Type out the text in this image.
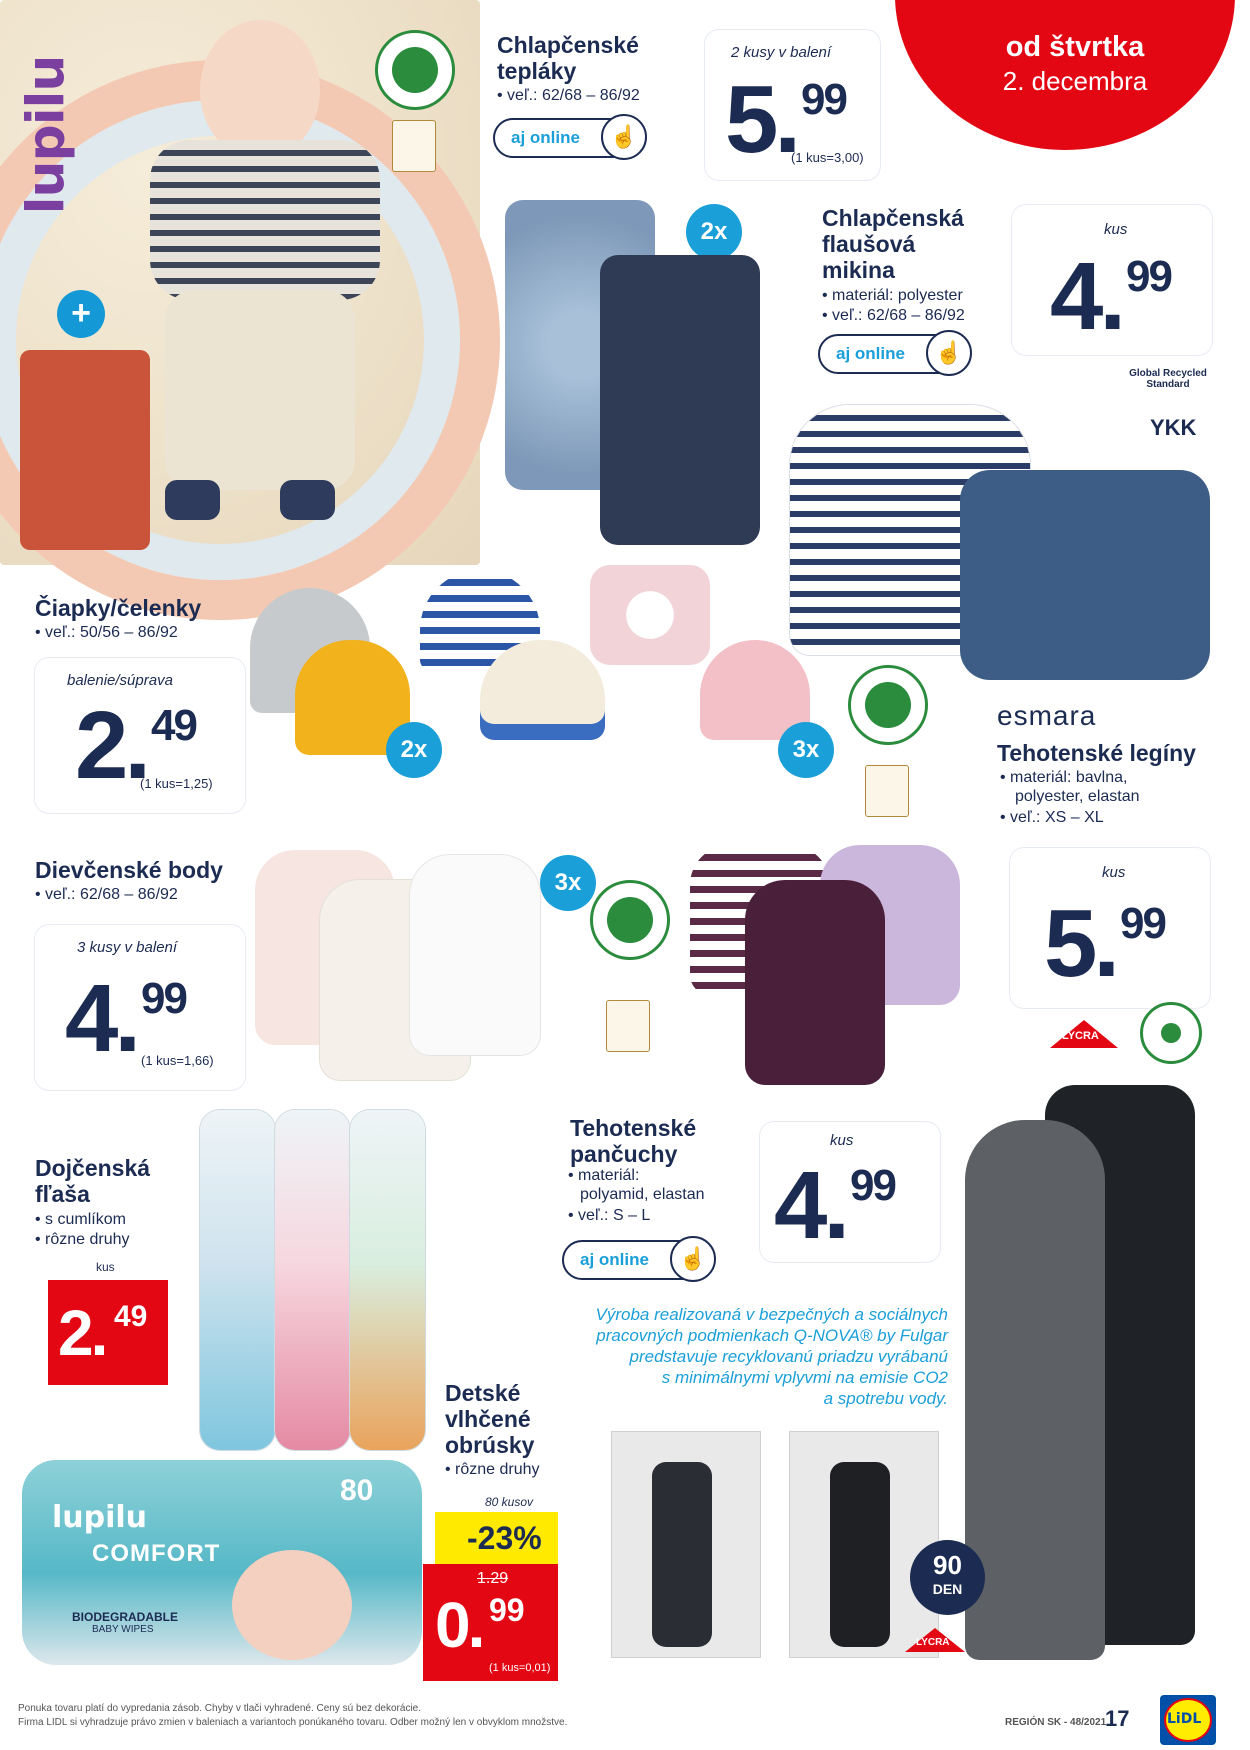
lupilu
+
od štvrtka
2. decembra
Chlapčenské
tepláky
• veľ.: 62/68 – 86/92
aj online	☝
2 kusy v balení
5. 99
(1 kus=3,00)
2x	Chlapčenská
flaušová
mikina
• materiál: polyester
• veľ.: 62/68 – 86/92
aj online	☝
kus
4. 99
Global Recycled Standard
YKK
Čiapky/čelenky
• veľ.: 50/56 – 86/92
balenie/súprava
2. 49
(1 kus=1,25)
2x	3x
esmara
Tehotenské legíny
• materiál: bavlna,
polyester, elastan
• veľ.: XS – XL
kus
5. 99
LYCRA
Dievčenské body
• veľ.: 62/68 – 86/92
3 kusy v balení
4. 99
(1 kus=1,66)
3x
Dojčenská
fľaša
• s cumlíkom
• rôzne druhy
kus
2. 49
Tehotenské
pančuchy
• materiál:
polyamid, elastan
• veľ.: S – L
aj online	☝
kus
4. 99
Výroba realizovaná v bezpečných a sociálnych
pracovných podmienkach Q-NOVA® by Fulgar
predstavuje recyklovanú priadzu vyrábanú
s minimálnymi vplyvmi na emisie CO2
a spotrebu vody.
90
DEN
LYCRA
Detské
vlhčené
obrúsky
• rôzne druhy
80 kusov
-23%
1.29
0. 99
(1 kus=0,01)
lupilu
COMFORT
80
BIODEGRADABLE
BABY WIPES
Ponuka tovaru platí do vypredania zásob. Chyby v tlači vyhradené. Ceny sú bez dekorácie.
Firma LIDL si vyhradzuje právo zmien v baleniach a variantoch ponúkaného tovaru. Odber možný len v obvyklom množstve.	REGIÓN SK - 48/2021
17	LiDL
